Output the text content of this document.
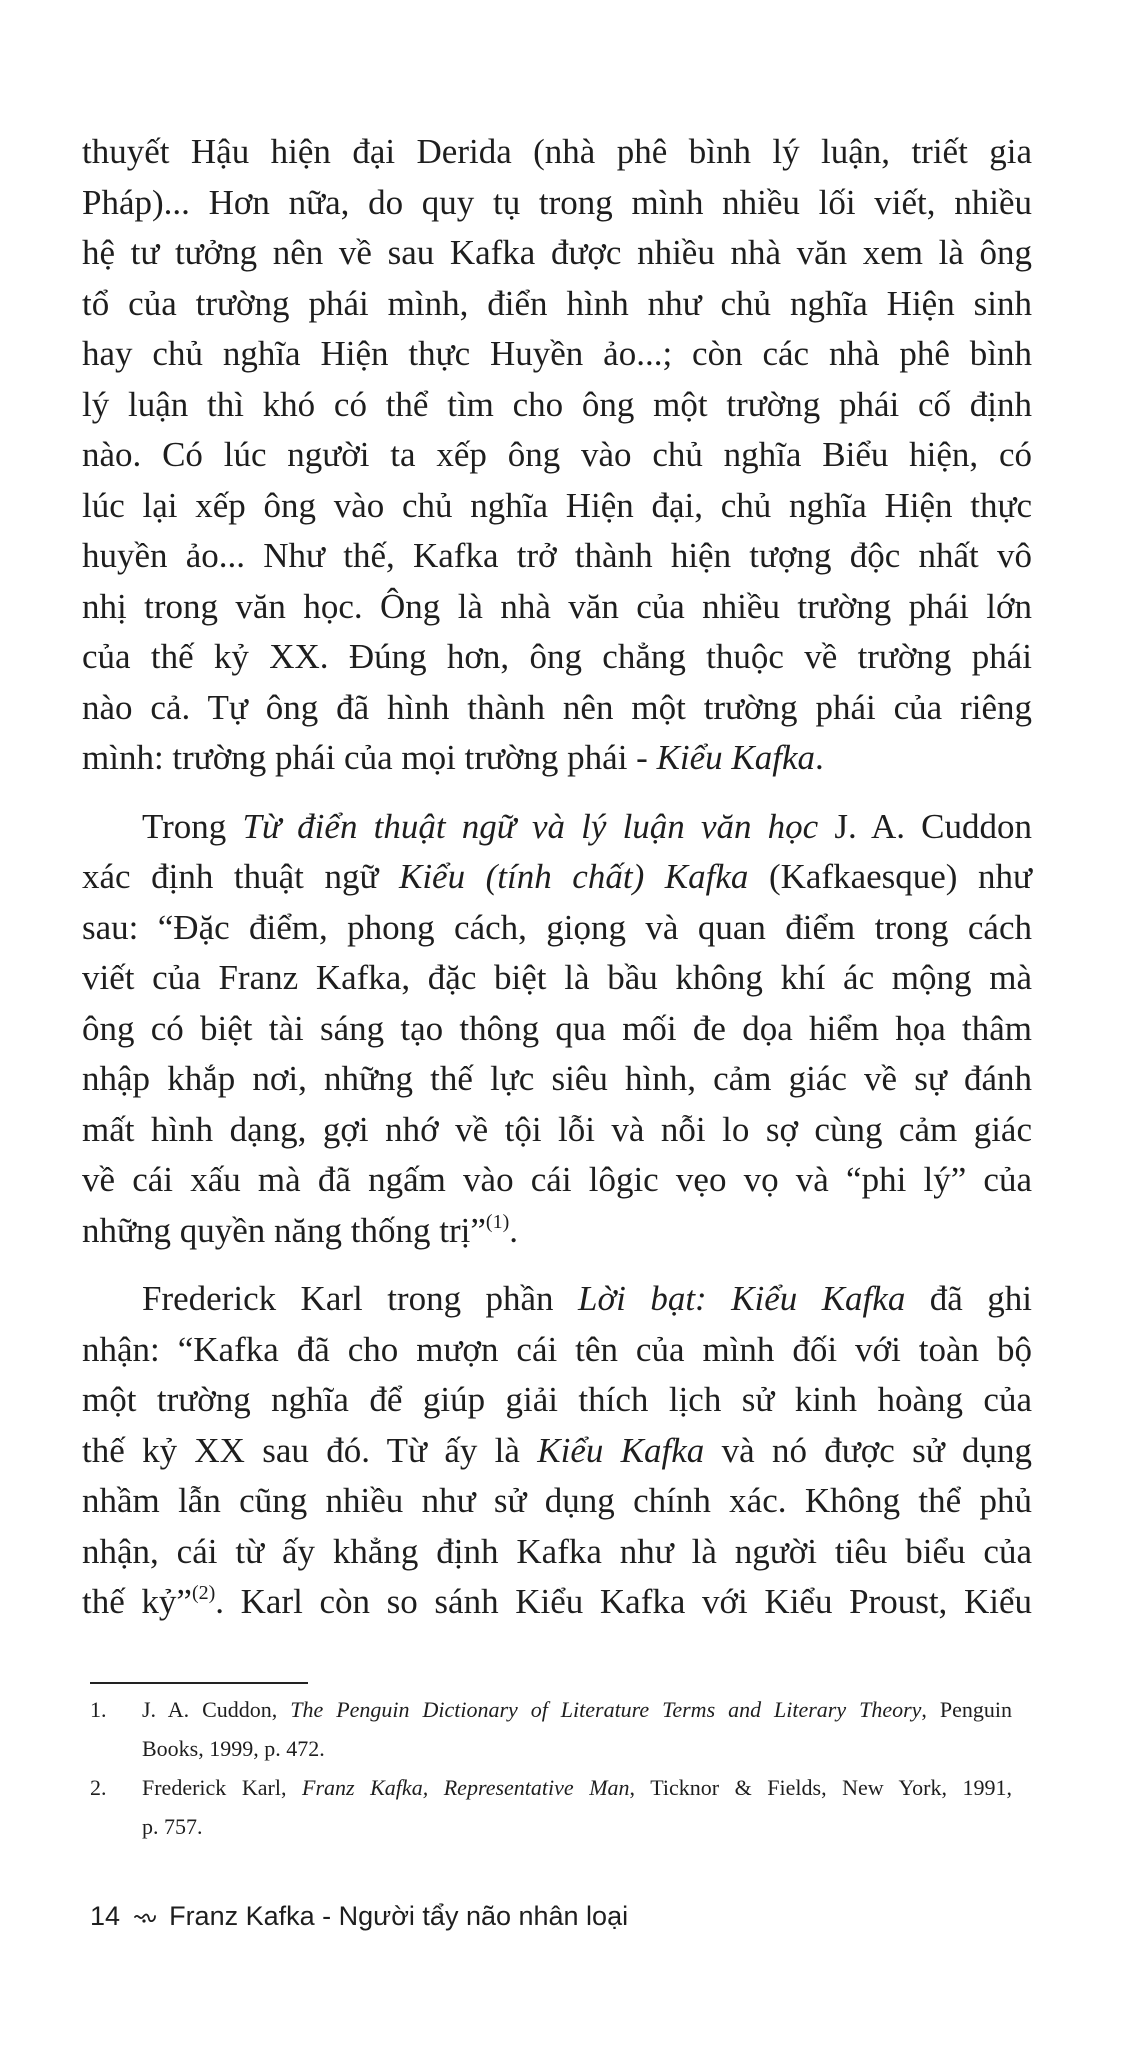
thuyết Hậu hiện đại Derida (nhà phê bình lý luận, triết gia
Pháp)... Hơn nữa, do quy tụ trong mình nhiều lối viết, nhiều
hệ tư tưởng nên về sau Kafka được nhiều nhà văn xem là ông
tổ của trường phái mình, điển hình như chủ nghĩa Hiện sinh
hay chủ nghĩa Hiện thực Huyền ảo...; còn các nhà phê bình
lý luận thì khó có thể tìm cho ông một trường phái cố định
nào. Có lúc người ta xếp ông vào chủ nghĩa Biểu hiện, có
lúc lại xếp ông vào chủ nghĩa Hiện đại, chủ nghĩa Hiện thực
huyền ảo... Như thế, Kafka trở thành hiện tượng độc nhất vô
nhị trong văn học. Ông là nhà văn của nhiều trường phái lớn
của thế kỷ XX. Đúng hơn, ông chẳng thuộc về trường phái
nào cả. Tự ông đã hình thành nên một trường phái của riêng
mình: trường phái của mọi trường phái - Kiểu Kafka.
Trong Từ điển thuật ngữ và lý luận văn học J. A. Cuddon
xác định thuật ngữ Kiểu (tính chất) Kafka (Kafkaesque) như
sau: “Đặc điểm, phong cách, giọng và quan điểm trong cách
viết của Franz Kafka, đặc biệt là bầu không khí ác mộng mà
ông có biệt tài sáng tạo thông qua mối đe dọa hiểm họa thâm
nhập khắp nơi, những thế lực siêu hình, cảm giác về sự đánh
mất hình dạng, gợi nhớ về tội lỗi và nỗi lo sợ cùng cảm giác
về cái xấu mà đã ngấm vào cái lôgic vẹo vọ và “phi lý” của
những quyền năng thống trị”$^{(1)}$.
Frederick Karl trong phần Lời bạt: Kiểu Kafka đã ghi
nhận: “Kafka đã cho mượn cái tên của mình đối với toàn bộ
một trường nghĩa để giúp giải thích lịch sử kinh hoàng của
thế kỷ XX sau đó. Từ ấy là Kiểu Kafka và nó được sử dụng
nhầm lẫn cũng nhiều như sử dụng chính xác. Không thể phủ
nhận, cái từ ấy khẳng định Kafka như là người tiêu biểu của
thế kỷ”$^{(2)}$. Karl còn so sánh Kiểu Kafka với Kiểu Proust, Kiểu
1. J. A. Cuddon, The Penguin Dictionary of Literature Terms and Literary Theory, Penguin
Books, 1999, p. 472.
2. Frederick Karl, Franz Kafka, Representative Man, Ticknor & Fields, New York, 1991,
p. 757.
14 Franz Kafka - Người tẩy não nhân loại
